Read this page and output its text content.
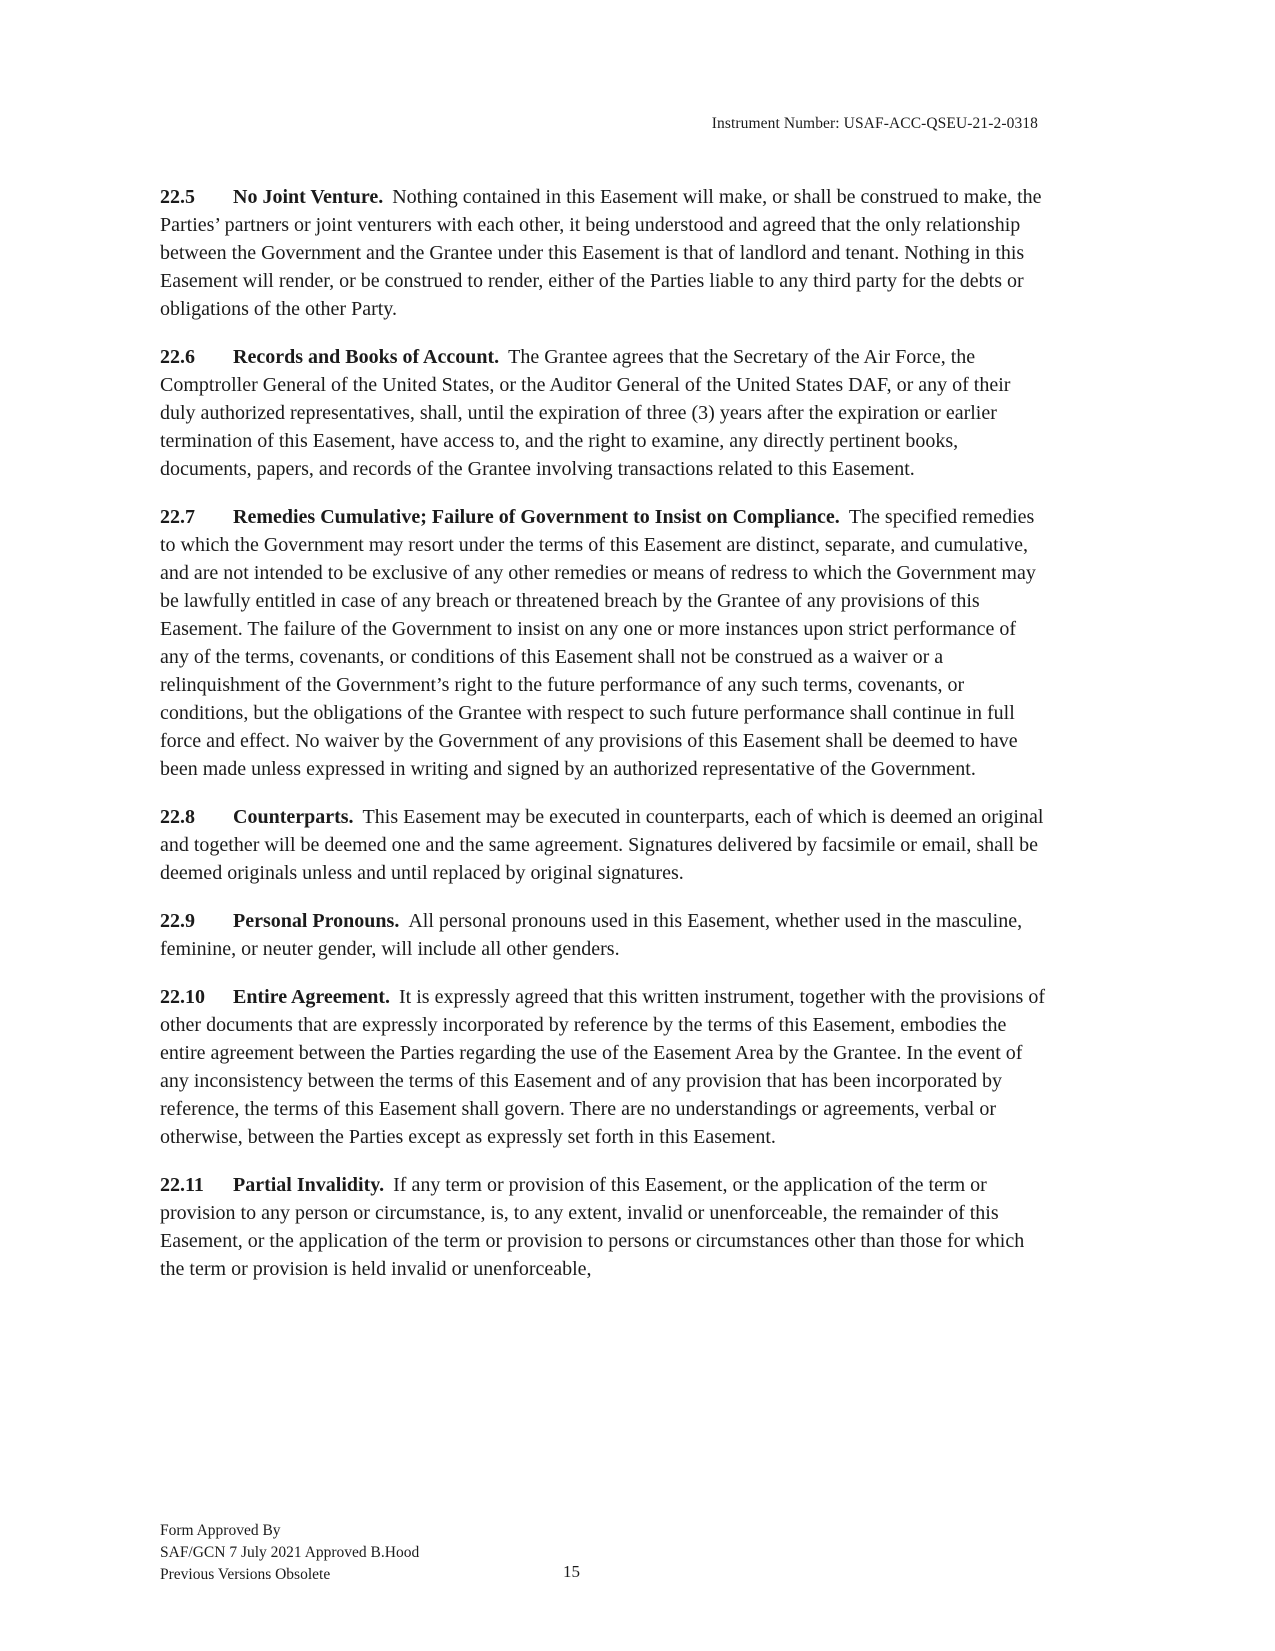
Instrument Number: USAF-ACC-QSEU-21-2-0318

22.5 No Joint Venture. Nothing contained in this Easement will make, or shall be construed to make, the Parties’ partners or joint venturers with each other, it being understood and agreed that the only relationship between the Government and the Grantee under this Easement is that of landlord and tenant. Nothing in this Easement will render, or be construed to render, either of the Parties liable to any third party for the debts or obligations of the other Party.

22.6 Records and Books of Account. The Grantee agrees that the Secretary of the Air Force, the Comptroller General of the United States, or the Auditor General of the United States DAF, or any of their duly authorized representatives, shall, until the expiration of three (3) years after the expiration or earlier termination of this Easement, have access to, and the right to examine, any directly pertinent books, documents, papers, and records of the Grantee involving transactions related to this Easement.

22.7 Remedies Cumulative; Failure of Government to Insist on Compliance. The specified remedies to which the Government may resort under the terms of this Easement are distinct, separate, and cumulative, and are not intended to be exclusive of any other remedies or means of redress to which the Government may be lawfully entitled in case of any breach or threatened breach by the Grantee of any provisions of this Easement. The failure of the Government to insist on any one or more instances upon strict performance of any of the terms, covenants, or conditions of this Easement shall not be construed as a waiver or a relinquishment of the Government’s right to the future performance of any such terms, covenants, or conditions, but the obligations of the Grantee with respect to such future performance shall continue in full force and effect. No waiver by the Government of any provisions of this Easement shall be deemed to have been made unless expressed in writing and signed by an authorized representative of the Government.

22.8 Counterparts. This Easement may be executed in counterparts, each of which is deemed an original and together will be deemed one and the same agreement. Signatures delivered by facsimile or email, shall be deemed originals unless and until replaced by original signatures.

22.9 Personal Pronouns. All personal pronouns used in this Easement, whether used in the masculine, feminine, or neuter gender, will include all other genders.

22.10 Entire Agreement. It is expressly agreed that this written instrument, together with the provisions of other documents that are expressly incorporated by reference by the terms of this Easement, embodies the entire agreement between the Parties regarding the use of the Easement Area by the Grantee. In the event of any inconsistency between the terms of this Easement and of any provision that has been incorporated by reference, the terms of this Easement shall govern. There are no understandings or agreements, verbal or otherwise, between the Parties except as expressly set forth in this Easement.

22.11 Partial Invalidity. If any term or provision of this Easement, or the application of the term or provision to any person or circumstance, is, to any extent, invalid or unenforceable, the remainder of this Easement, or the application of the term or provision to persons or circumstances other than those for which the term or provision is held invalid or unenforceable,

Form Approved By
SAF/GCN 7 July 2021 Approved B.Hood
Previous Versions Obsolete	15
